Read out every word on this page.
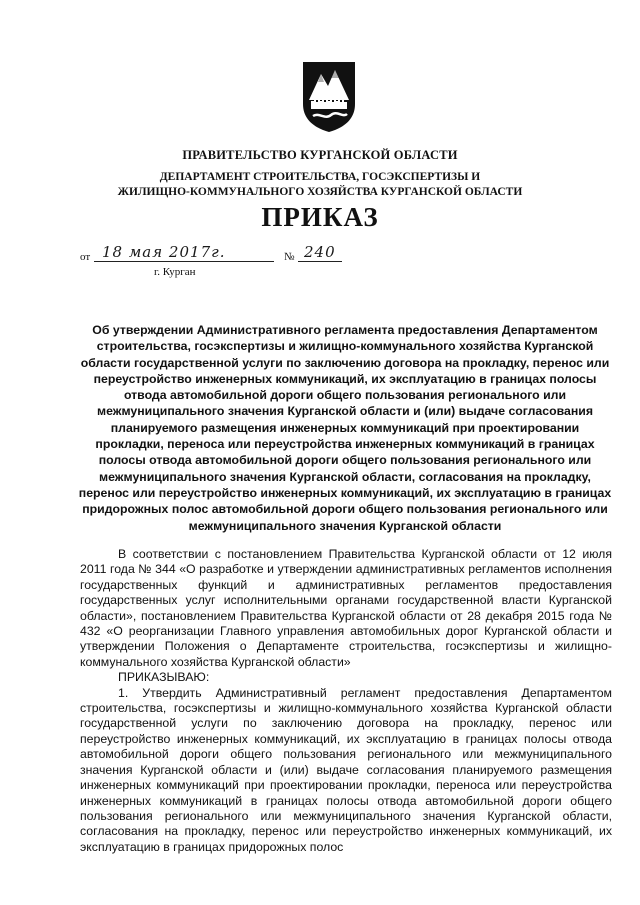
ПРАВИТЕЛЬСТВО КУРГАНСКОЙ ОБЛАСТИ
ДЕПАРТАМЕНТ СТРОИТЕЛЬСТВА, ГОСЭКСПЕРТИЗЫ И
ЖИЛИЩНО-КОММУНАЛЬНОГО ХОЗЯЙСТВА КУРГАНСКОЙ ОБЛАСТИ
ПРИКАЗ
от 18 мая 2017г.	№ 240
г. Курган
Об утверждении Административного регламента предоставления Департаментом строительства, госэкспертизы и жилищно-коммунального хозяйства Курганской области государственной услуги по заключению договора на прокладку, перенос или переустройство инженерных коммуникаций, их эксплуатацию в границах полосы отвода автомобильной дороги общего пользования регионального или межмуниципального значения Курганской области и (или) выдаче согласования планируемого размещения инженерных коммуникаций при проектировании прокладки, переноса или переустройства инженерных коммуникаций в границах полосы отвода автомобильной дороги общего пользования регионального или межмуниципального значения Курганской области, согласования на прокладку, перенос или переустройство инженерных коммуникаций, их эксплуатацию в границах придорожных полос автомобильной дороги общего пользования регионального или межмуниципального значения Курганской области

В соответствии с постановлением Правительства Курганской области от 12 июля 2011 года № 344 «О разработке и утверждении административных регламентов исполнения государственных функций и административных регламентов предоставления государственных услуг исполнительными органами государственной власти Курганской области», постановлением Правительства Курганской области от 28 декабря 2015 года № 432 «О реорганизации Главного управления автомобильных дорог Курганской области и утверждении Положения о Департаменте строительства, госэкспертизы и жилищно-коммунального хозяйства Курганской области»

ПРИКАЗЫВАЮ:

1. Утвердить Административный регламент предоставления Департаментом строительства, госэкспертизы и жилищно-коммунального хозяйства Курганской области государственной услуги по заключению договора на прокладку, перенос или переустройство инженерных коммуникаций, их эксплуатацию в границах полосы отвода автомобильной дороги общего пользования регионального или межмуниципального значения Курганской области и (или) выдаче согласования планируемого размещения инженерных коммуникаций при проектировании прокладки, переноса или переустройства инженерных коммуникаций в границах полосы отвода автомобильной дороги общего пользования регионального или межмуниципального значения Курганской области, согласования на прокладку, перенос или переустройство инженерных коммуникаций, их эксплуатацию в границах придорожных полос
